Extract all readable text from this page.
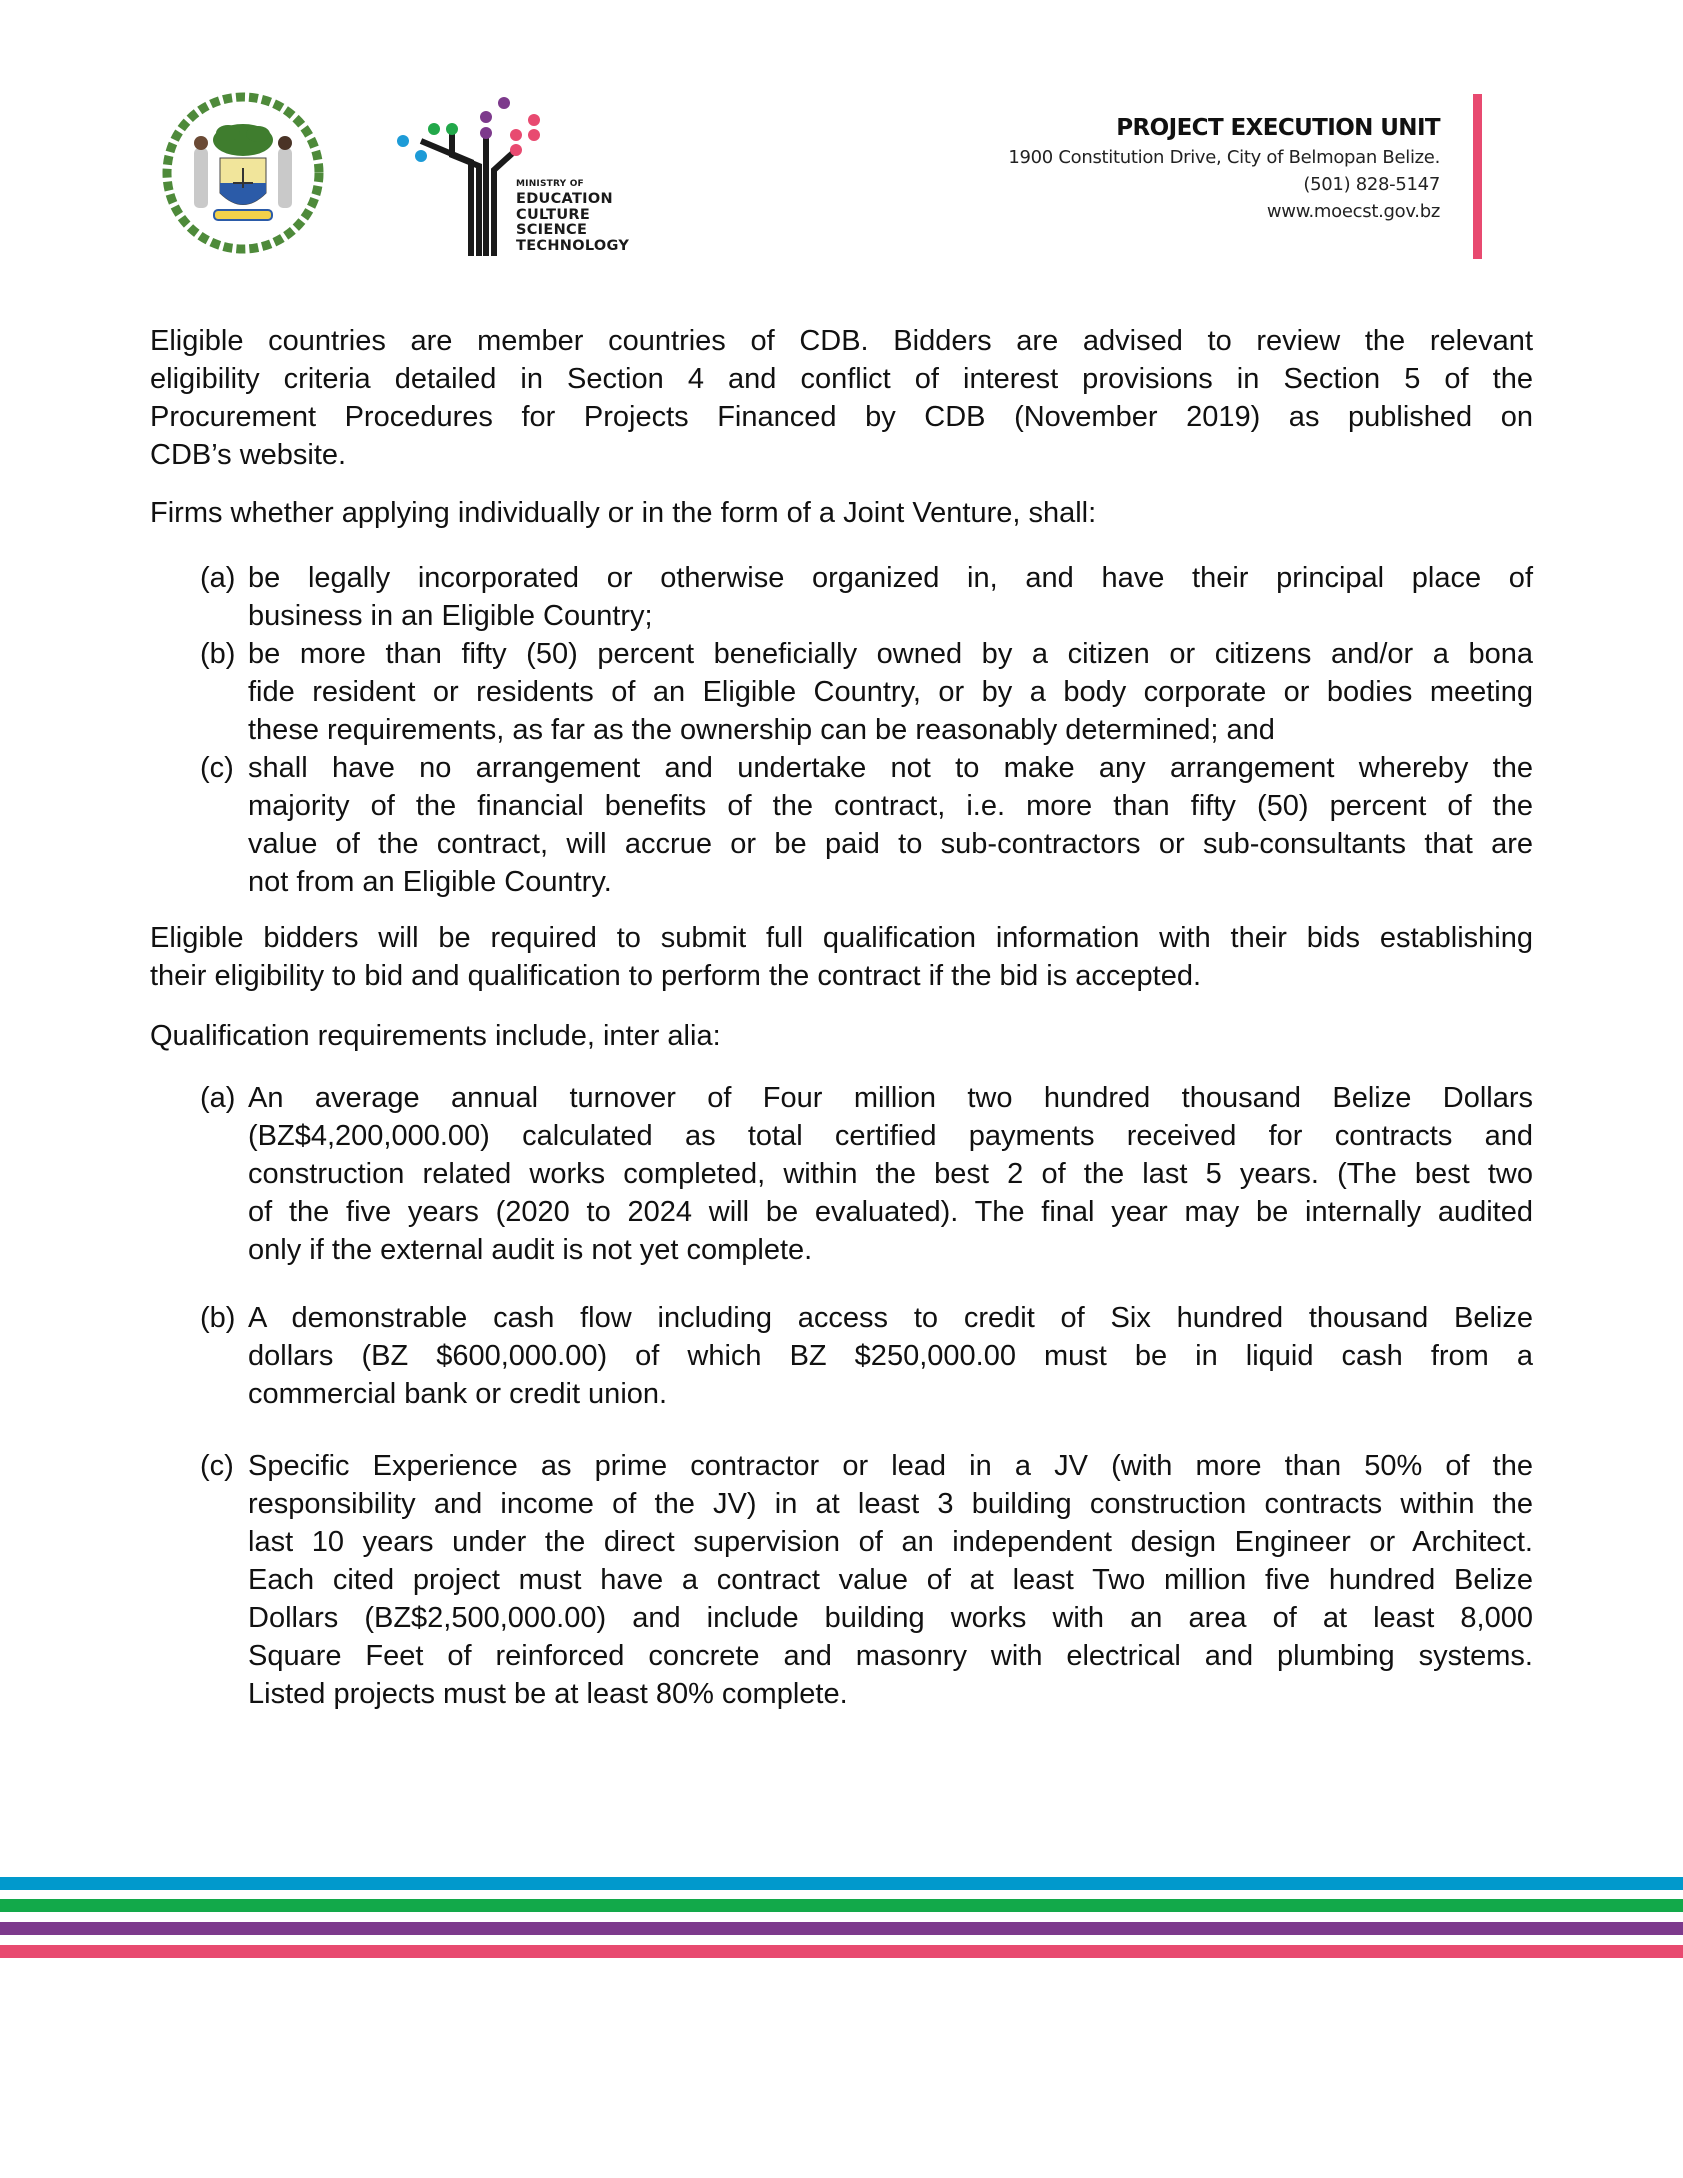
MINISTRY OF
EDUCATION
CULTURE
SCIENCE
TECHNOLOGY
PROJECT EXECUTION UNIT
1900 Constitution Drive, City of Belmopan Belize.
(501) 828-5147
www.moecst.gov.bz
Eligible countries are member countries of CDB. Bidders are advised to review the relevant
eligibility criteria detailed in Section 4 and conflict of interest provisions in Section 5 of the
Procurement Procedures for Projects Financed by CDB (November 2019) as published on
CDB’s website.
Firms whether applying individually or in the form of a Joint Venture, shall:
(a) be legally incorporated or otherwise organized in, and have their principal place of
business in an Eligible Country;
(b) be more than fifty (50) percent beneficially owned by a citizen or citizens and/or a bona
fide resident or residents of an Eligible Country, or by a body corporate or bodies meeting
these requirements, as far as the ownership can be reasonably determined; and
(c) shall have no arrangement and undertake not to make any arrangement whereby the
majority of the financial benefits of the contract, i.e. more than fifty (50) percent of the
value of the contract, will accrue or be paid to sub-contractors or sub-consultants that are
not from an Eligible Country.
Eligible bidders will be required to submit full qualification information with their bids establishing
their eligibility to bid and qualification to perform the contract if the bid is accepted.
Qualification requirements include, inter alia:
(a) An average annual turnover of Four million two hundred thousand Belize Dollars
(BZ$4,200,000.00) calculated as total certified payments received for contracts and
construction related works completed, within the best 2 of the last 5 years. (The best two
of the five years (2020 to 2024 will be evaluated). The final year may be internally audited
only if the external audit is not yet complete.
(b) A demonstrable cash flow including access to credit of Six hundred thousand Belize
dollars (BZ $600,000.00) of which BZ $250,000.00 must be in liquid cash from a
commercial bank or credit union.
(c) Specific Experience as prime contractor or lead in a JV (with more than 50% of the
responsibility and income of the JV) in at least 3 building construction contracts within the
last 10 years under the direct supervision of an independent design Engineer or Architect.
Each cited project must have a contract value of at least Two million five hundred Belize
Dollars (BZ$2,500,000.00) and include building works with an area of at least 8,000
Square Feet of reinforced concrete and masonry with electrical and plumbing systems.
Listed projects must be at least 80% complete.
